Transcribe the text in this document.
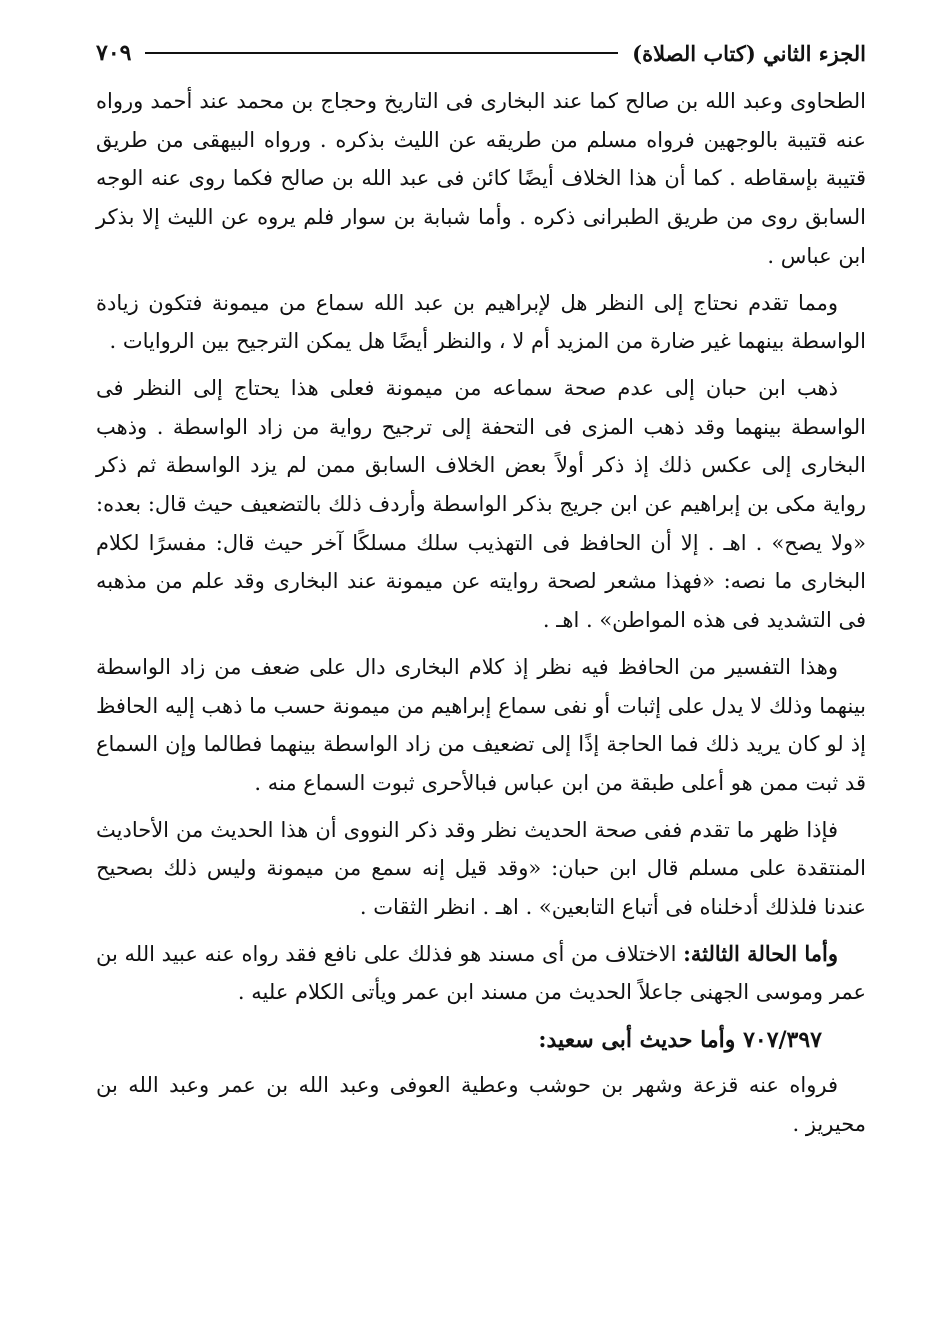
الجزء الثاني (كتاب الصلاة)
٧٠٩

الطحاوى وعبد الله بن صالح كما عند البخارى فى التاريخ وحجاج بن محمد عند أحمد ورواه عنه قتيبة بالوجهين فرواه مسلم من طريقه عن الليث بذكره . ورواه البيهقى من طريق قتيبة بإسقاطه . كما أن هذا الخلاف أيضًا كائن فى عبد الله بن صالح فكما روى عنه الوجه السابق روى من طريق الطبرانى ذكره . وأما شبابة بن سوار فلم يروه عن الليث إلا بذكر ابن عباس .

ومما تقدم نحتاج إلى النظر هل لإبراهيم بن عبد الله سماع من ميمونة فتكون زيادة الواسطة بينهما غير ضارة من المزيد أم لا ، والنظر أيضًا هل يمكن الترجيح بين الروايات .

ذهب ابن حبان إلى عدم صحة سماعه من ميمونة فعلى هذا يحتاج إلى النظر فى الواسطة بينهما وقد ذهب المزى فى التحفة إلى ترجيح رواية من زاد الواسطة . وذهب البخارى إلى عكس ذلك إذ ذكر أولاً بعض الخلاف السابق ممن لم يزد الواسطة ثم ذكر رواية مكى بن إبراهيم عن ابن جريج بذكر الواسطة وأردف ذلك بالتضعيف حيث قال: بعده: «ولا يصح» . اهـ . إلا أن الحافظ فى التهذيب سلك مسلكًا آخر حيث قال: مفسرًا لكلام البخارى ما نصه: «فهذا مشعر لصحة روايته عن ميمونة عند البخارى وقد علم من مذهبه فى التشديد فى هذه المواطن» . اهـ .

وهذا التفسير من الحافظ فيه نظر إذ كلام البخارى دال على ضعف من زاد الواسطة بينهما وذلك لا يدل على إثبات أو نفى سماع إبراهيم من ميمونة حسب ما ذهب إليه الحافظ إذ لو كان يريد ذلك فما الحاجة إذًا إلى تضعيف من زاد الواسطة بينهما فطالما وإن السماع قد ثبت ممن هو أعلى طبقة من ابن عباس فبالأحرى ثبوت السماع منه .

فإذا ظهر ما تقدم ففى صحة الحديث نظر وقد ذكر النووى أن هذا الحديث من الأحاديث المنتقدة على مسلم قال ابن حبان: «وقد قيل إنه سمع من ميمونة وليس ذلك بصحيح عندنا فلذلك أدخلناه فى أتباع التابعين» . اهـ . انظر الثقات .

وأما الحالة الثالثة: الاختلاف من أى مسند هو فذلك على نافع فقد رواه عنه عبيد الله بن عمر وموسى الجهنى جاعلاً الحديث من مسند ابن عمر ويأتى الكلام عليه .

٧٠٧/٣٩٧ وأما حديث أبى سعيد:

فرواه عنه قزعة وشهر بن حوشب وعطية العوفى وعبد الله بن عمر وعبد الله بن محيريز .
